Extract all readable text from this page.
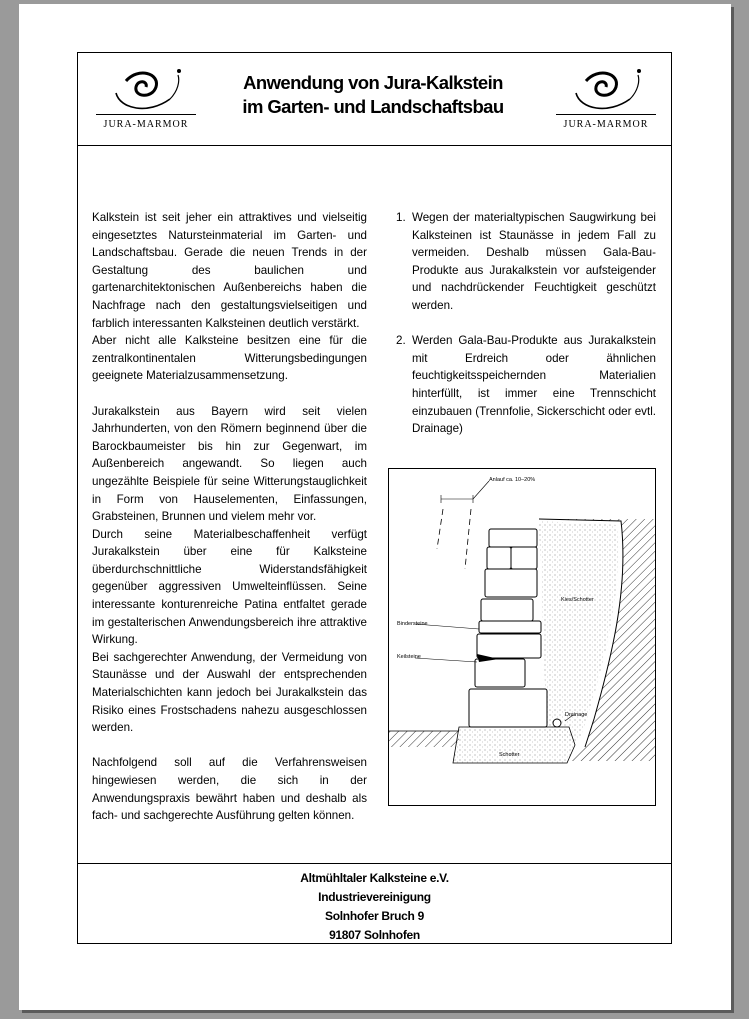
JURA-MARMOR
Anwendung von Jura-Kalkstein
im Garten- und Landschaftsbau
JURA-MARMOR

Kalkstein ist seit jeher ein attraktives und vielseitig eingesetztes Natursteinmaterial im Garten- und Landschaftsbau. Gerade die neuen Trends in der Gestaltung des baulichen und gartenarchitektonischen Außenbereichs haben die Nachfrage nach den gestaltungsvielseitigen und farblich interessanten Kalksteinen deutlich verstärkt.

Aber nicht alle Kalksteine besitzen eine für die zentralkontinentalen Witterungsbedingungen geeignete Materialzusammensetzung.

Jurakalkstein aus Bayern wird seit vielen Jahrhunderten, von den Römern beginnend über die Barockbaumeister bis hin zur Gegenwart, im Außenbereich angewandt. So liegen auch ungezählte Beispiele für seine Witterungstauglichkeit in Form von Hauselementen, Einfassungen, Grabsteinen, Brunnen und vielem mehr vor.

Durch seine Materialbeschaffenheit verfügt Jurakalkstein über eine für Kalksteine überdurchschnittliche Widerstandsfähigkeit gegenüber aggressiven Umwelteinflüssen. Seine interessante konturenreiche Patina entfaltet gerade im gestalterischen Anwendungsbereich ihre attraktive Wirkung.

Bei sachgerechter Anwendung, der Vermeidung von Staunässe und der Auswahl der entsprechenden Materialschichten kann jedoch bei Jurakalkstein das Risiko eines Frostschadens nahezu ausgeschlossen werden.

Nachfolgend soll auf die Verfahrensweisen hingewiesen werden, die sich in der Anwendungspraxis bewährt haben und deshalb als fach- und sachgerechte Ausführung gelten können.

1. Wegen der materialtypischen Saugwirkung bei Kalksteinen ist Staunässe in jedem Fall zu vermeiden. Deshalb müssen Gala-Bau-Produkte aus Jurakalkstein vor aufsteigender und nachdrückender Feuchtigkeit geschützt werden.
2. Werden Gala-Bau-Produkte aus Jurakalkstein mit Erdreich oder ähnlichen feuchtigkeitsspeichernden Materialien hinterfüllt, ist immer eine Trennschicht einzubauen (Trennfolie, Sickerschicht oder evtl. Drainage)
Anlauf ca. 10–20%
Kies/Schotter
Bindersteine
Keilsteine
Drainage
Schotter
Altmühltaler Kalksteine e.V.
Industrievereinigung
Solnhofer Bruch 9
91807 Solnhofen
